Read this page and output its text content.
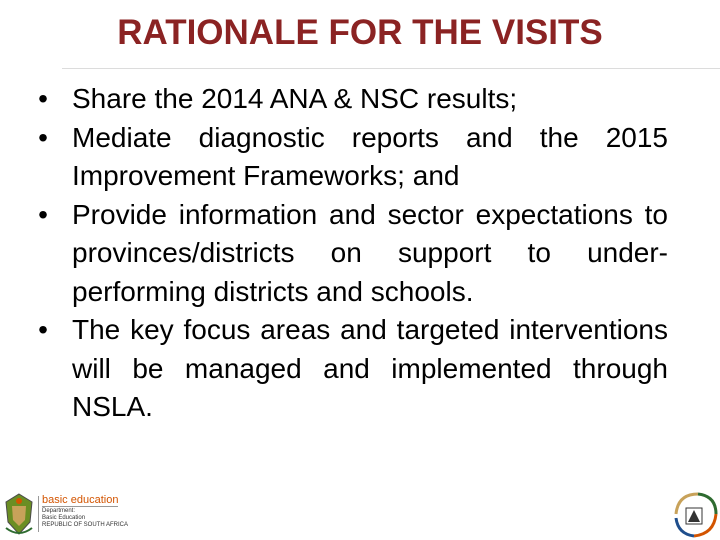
RATIONALE FOR THE VISITS
• Share the 2014 ANA & NSC results;
• Mediate diagnostic reports and the 2015 Improvement Frameworks; and
• Provide information and sector expectations to provinces/districts on support to under-performing districts and schools.
• The key focus areas and targeted interventions will be managed and implemented through NSLA.
basic education
Department:
Basic Education
REPUBLIC OF SOUTH AFRICA
